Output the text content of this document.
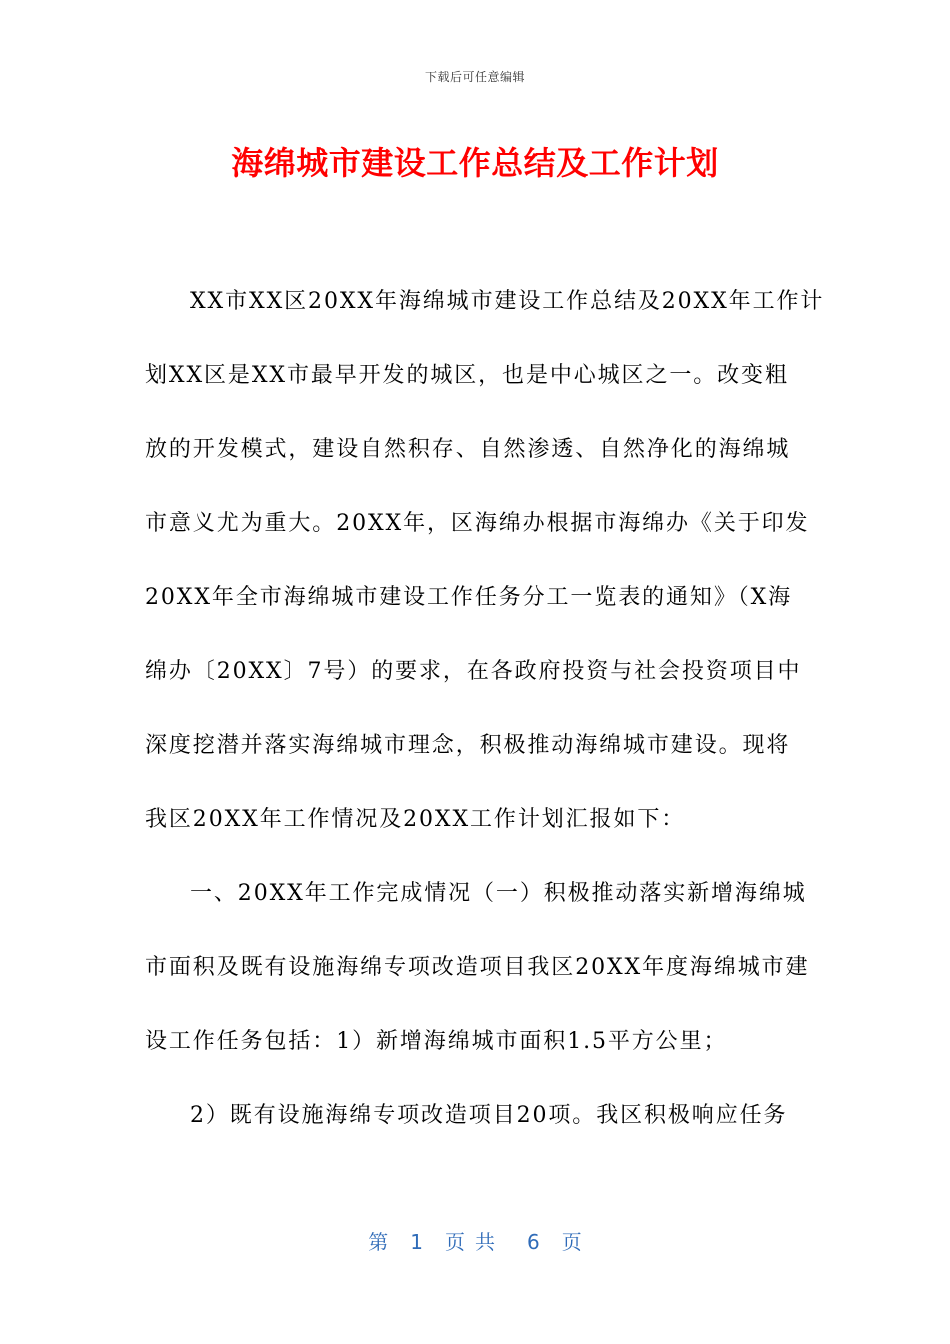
下载后可任意编辑
海绵城市建设工作总结及工作计划
XX市XX区20XX年海绵城市建设工作总结及20XX年工作计
划XX区是XX市最早开发的城区，也是中心城区之一。改变粗
放的开发模式，建设自然积存、自然渗透、自然净化的海绵城
市意义尤为重大。20XX年，区海绵办根据市海绵办《关于印发
20XX年全市海绵城市建设工作任务分工一览表的通知》（X海
绵办〔20XX〕7号）的要求，在各政府投资与社会投资项目中
深度挖潜并落实海绵城市理念，积极推动海绵城市建设。现将
我区20XX年工作情况及20XX工作计划汇报如下：
一、20XX年工作完成情况（一）积极推动落实新增海绵城
市面积及既有设施海绵专项改造项目我区20XX年度海绵城市建
设工作任务包括：1）新增海绵城市面积1.5平方公里；
2）既有设施海绵专项改造项目20项。我区积极响应任务
第 1 页共 6 页
